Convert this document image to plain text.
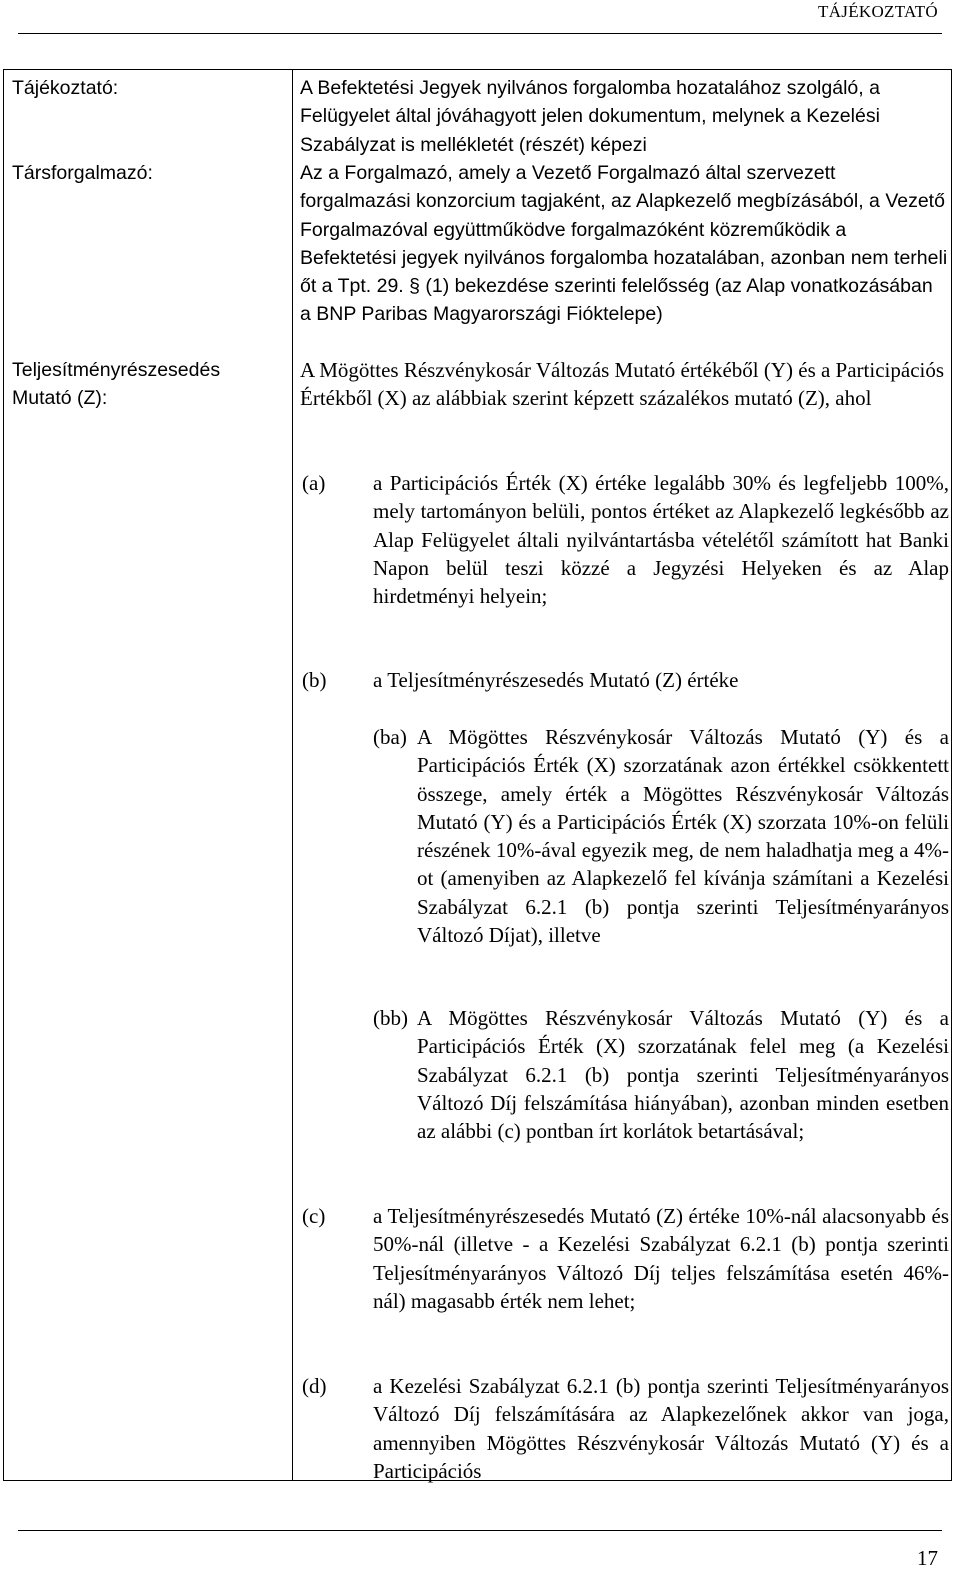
TÁJÉKOZTATÓ
Tájékoztató:	A Befektetési Jegyek nyilvános forgalomba hozatalához szolgáló, a Felügyelet által jóváhagyott jelen dokumentum, melynek a Kezelési Szabályzat is mellékletét (részét) képezi
Társforgalmazó:	Az a Forgalmazó, amely a Vezető Forgalmazó által szervezett forgalmazási konzorcium tagjaként, az Alapkezelő megbízásából, a Vezető Forgalmazóval együttműködve forgalmazóként közreműködik a Befektetési jegyek nyilvános forgalomba hozatalában, azonban nem terheli őt a Tpt. 29. § (1) bekezdése szerinti felelősség (az Alap vonatkozásában a BNP Paribas Magyarországi Fióktelepe)
Teljesítményrészesedés Mutató (Z):
A Mögöttes Részvénykosár Változás Mutató értékéből (Y) és a Participációs Értékből (X) az alábbiak szerint képzett százalékos mutató (Z), ahol
(a) a Participációs Érték (X) értéke legalább 30% és legfeljebb 100%, mely tartományon belüli, pontos értéket az Alapkezelő legkésőbb az Alap Felügyelet általi nyilvántartásba vételétől számított hat Banki Napon belül teszi közzé a Jegyzési Helyeken és az Alap hirdetményi helyein;
(b) a Teljesítményrészesedés Mutató (Z) értéke
(ba) A Mögöttes Részvénykosár Változás Mutató (Y) és a Participációs Érték (X) szorzatának azon értékkel csökkentett összege, amely érték a Mögöttes Részvénykosár Változás Mutató (Y) és a Participációs Érték (X) szorzata 10%-on felüli részének 10%-ával egyezik meg, de nem haladhatja meg a 4%-ot (amenyiben az Alapkezelő fel kívánja számítani a Kezelési Szabályzat 6.2.1 (b) pontja szerinti Teljesítményarányos Változó Díjat), illetve
(bb) A Mögöttes Részvénykosár Változás Mutató (Y) és a Participációs Érték (X) szorzatának felel meg (a Kezelési Szabályzat 6.2.1 (b) pontja szerinti Teljesítményarányos Változó Díj felszámítása hiányában), azonban minden esetben az alábbi (c) pontban írt korlátok betartásával;
(c) a Teljesítményrészesedés Mutató (Z) értéke 10%-nál alacsonyabb és 50%-nál (illetve - a Kezelési Szabályzat 6.2.1 (b) pontja szerinti Teljesítményarányos Változó Díj teljes felszámítása esetén 46%-nál) magasabb érték nem lehet;
(d) a Kezelési Szabályzat 6.2.1 (b) pontja szerinti Teljesítményarányos Változó Díj felszámítására az Alapkezelőnek akkor van joga, amennyiben Mögöttes Részvénykosár Változás Mutató (Y) és a Participációs
17
